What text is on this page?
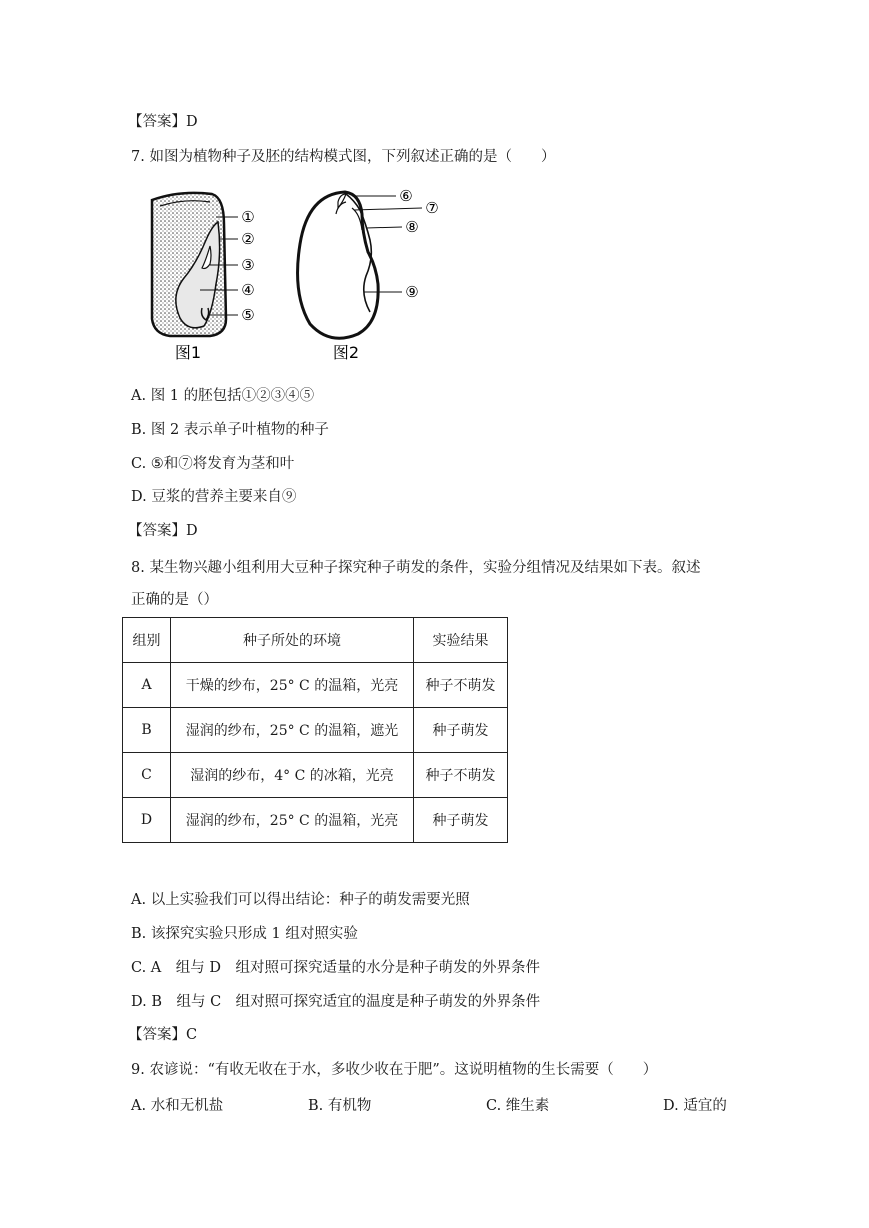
【答案】D
7. 如图为植物种子及胚的结构模式图，下列叙述正确的是（　　）
①
②
③
④
⑤
图1
⑥
⑦
⑧
⑨
图2
A. 图 1 的胚包括①②③④⑤
B. 图 2 表示单子叶植物的种子
C. ⑤和⑦将发育为茎和叶
D. 豆浆的营养主要来自⑨
【答案】D
8. 某生物兴趣小组利用大豆种子探究种子萌发的条件，实验分组情况及结果如下表。叙述
正确的是（）
组别	种子所处的环境	实验结果
A	干燥的纱布，25° C 的温箱，光亮	种子不萌发
B	湿润的纱布，25° C 的温箱，遮光	种子萌发
C	湿润的纱布，4° C 的冰箱，光亮	种子不萌发
D	湿润的纱布，25° C 的温箱，光亮	种子萌发
A. 以上实验我们可以得出结论：种子的萌发需要光照
B. 该探究实验只形成 1 组对照实验
C. A　组与 D　组对照可探究适量的水分是种子萌发的外界条件
D. B　组与 C　组对照可探究适宜的温度是种子萌发的外界条件
【答案】C
9. 农谚说：“有收无收在于水，多收少收在于肥”。这说明植物的生长需要（　　）
A. 水和无机盐	B. 有机物	C. 维生素	D. 适宜的
